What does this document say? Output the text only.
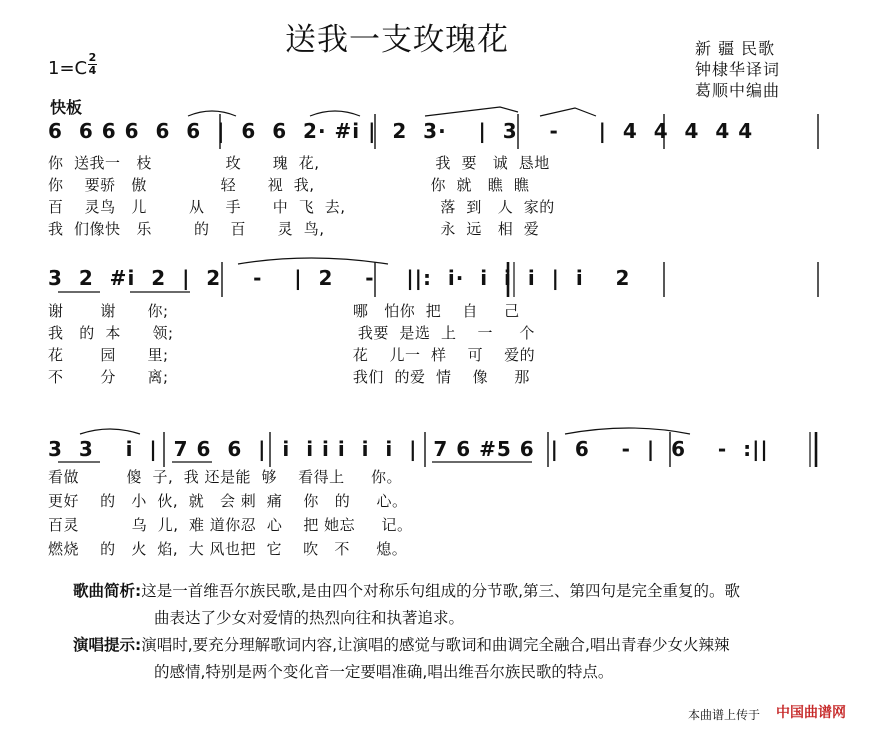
送我一支玫瑰花	新 疆 民歌
钟棣华译词
葛顺中编曲
1=C
2
4
快板
6  6 6 6  6  6  |  6  6  2· #i |  2  3·    |  3    -     |  4  4  4  4 4
你  送我一   枝              玫      瑰  花,                      我  要   诚  恳地
你    要骄   傲              轻      视  我,                      你  就   瞧  瞧
百    灵鸟   儿        从    手      中  飞  去,                  落  到   人  家的
我  们像快   乐        的    百      灵  鸟,                      永  远   相  爱
3  2  #i  2  |  2    -    |  2    -    ||:  i·  i  i  i  |  i    2
谢       谢      你;                                   哪   怕你  把    自     己
我   的  本      领;                                   我要  是选  上    一     个
花       园      里;                                   花    儿一  样    可    爱的
不       分      离;                                   我们  的爱  情    像     那
3  3    i  |  7 6  6  |  i  i i i  i  i  |  7 6 #5 6  |  6    -  |  6    -  :||
看做         傻  子,  我 还是能  够    看得上     你。
更好    的   小  伙,  就   会 刺  痛    你   的     心。
百灵          乌  儿,  难 道你忍  心    把 她忘     记。
燃烧    的   火  焰,  大 风也把  它    吹   不     熄。
歌曲简析:这是一首维吾尔族民歌,是由四个对称乐句组成的分节歌,第三、第四句是完全重复的。歌
曲表达了少女对爱情的热烈向往和执著追求。
演唱提示:演唱时,要充分理解歌词内容,让演唱的感觉与歌词和曲调完全融合,唱出青春少女火辣辣
的感情,特别是两个变化音一定要唱准确,唱出维吾尔族民歌的特点。
本曲谱上传于 中国曲谱网
